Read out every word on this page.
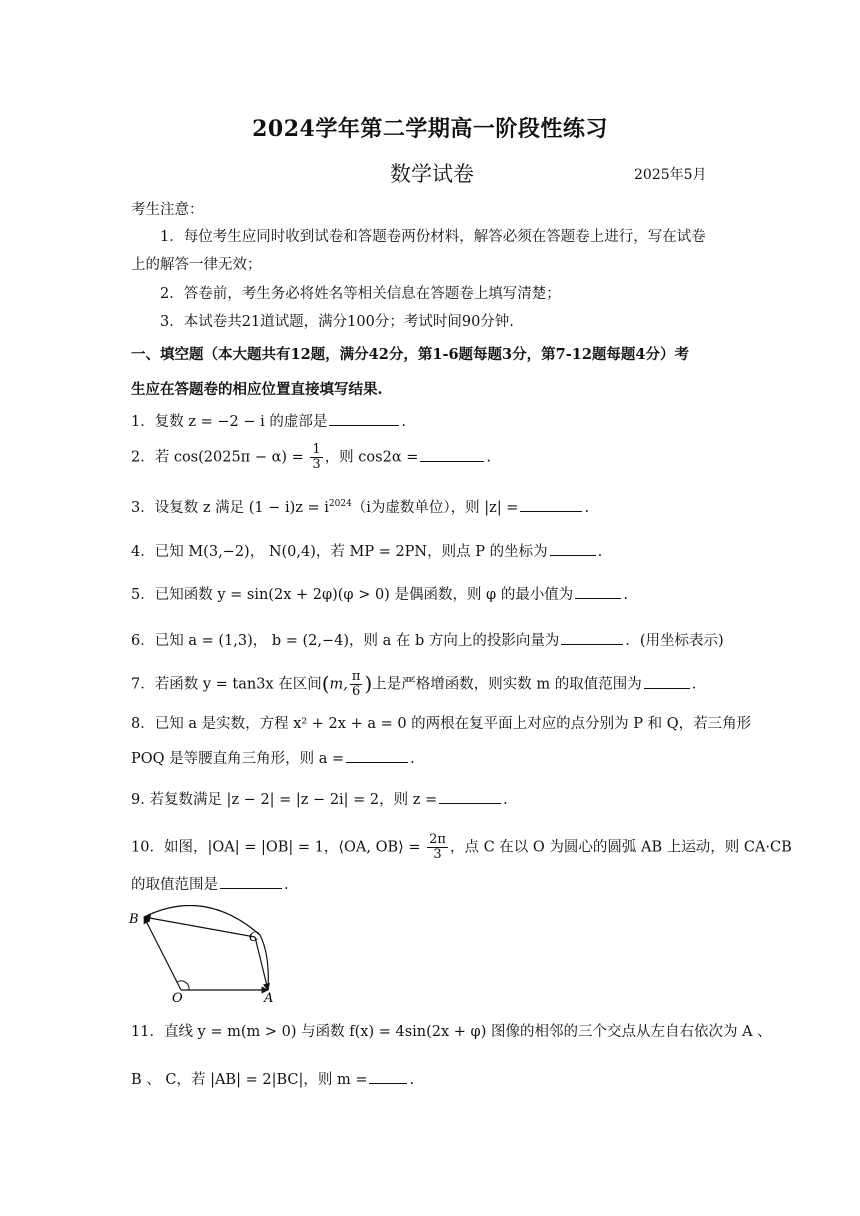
2024学年第二学期高一阶段性练习
数学试卷	2025年5月
考生注意：
1．每位考生应同时收到试卷和答题卷两份材料，解答必须在答题卷上进行，写在试卷
上的解答一律无效；
2．答卷前，考生务必将姓名等相关信息在答题卷上填写清楚；
3．本试卷共21道试题，满分100分；考试时间90分钟.
一、填空题（本大题共有12题，满分42分，第1-6题每题3分，第7-12题每题4分）考
生应在答题卷的相应位置直接填写结果.
1．复数 z = −2 − i 的虚部是	.
2．若 $\cos(2025\pi - \alpha) = \frac{1}{3}$ ，则 cos2α =	.
3．设复数 z 满足 $(1 - i)z = i^{2024}(i$为虚数单位），则 |z| =	.
4．已知 M(3,−2)， N(0,4)，若 MP = 2PN，则点 P 的坐标为	.
5．已知函数 y = sin(2x + 2φ)(φ > 0) 是偶函数，则 φ 的最小值为	.
6．已知 a = (1,3)， b = (2,−4)，则 a 在 b 方向上的投影向量为	．(用坐标表示)
7．若函数 y = tan3x 在区间(m, $\frac{\pi}{6}$ )上是严格增函数，则实数 m 的取值范围为	.
8．已知 a 是实数，方程 x² + 2x + a = 0 的两根在复平面上对应的点分别为 P 和 Q，若三角形
POQ 是等腰直角三角形，则 a =	.
9. 若复数满足 |z − 2| = |z − 2i| = 2，则 z =	.
10．如图，|OA| = |OB| = 1，⟨OA, OB⟩ = $\frac{2\pi}{3}$ ，点 C 在以 O 为圆心的圆弧 AB 上运动，则 CA·CB
的取值范围是	.
B
C
O	A
11．直线 y = m(m > 0) 与函数 f(x) = 4sin(2x + φ) 图像的相邻的三个交点从左自右依次为 A 、
B 、 C，若 |AB| = 2|BC|，则 m =	.
